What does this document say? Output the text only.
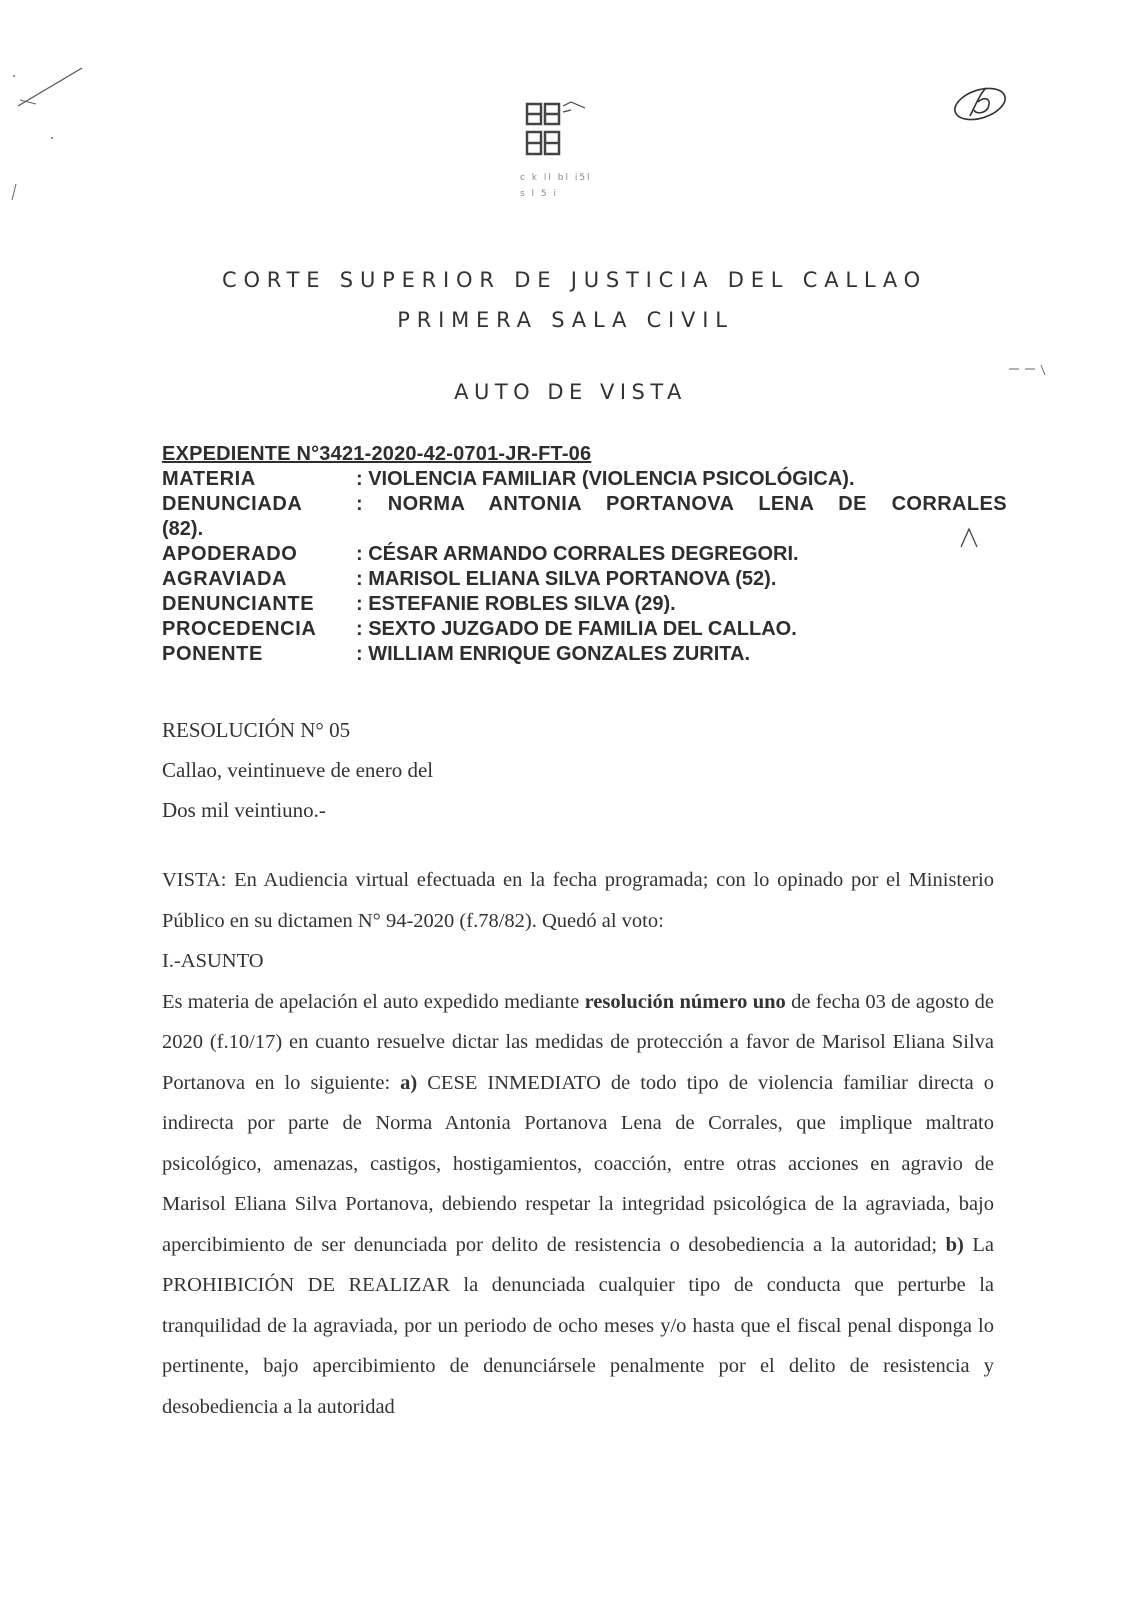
c k ll bl i5l
s l 5 i
CORTE SUPERIOR DE JUSTICIA DEL CALLAO
PRIMERA SALA CIVIL
AUTO DE VISTA
EXPEDIENTE N°3421-2020-42-0701-JR-FT-06
MATERIA	: VIOLENCIA FAMILIAR (VIOLENCIA PSICOLÓGICA).
DENUNCIADA	: NORMA ANTONIA PORTANOVA LENA DE CORRALES
(82).
APODERADO	: CÉSAR ARMANDO CORRALES DEGREGORI.
AGRAVIADA	: MARISOL ELIANA SILVA PORTANOVA (52).
DENUNCIANTE	: ESTEFANIE ROBLES SILVA (29).
PROCEDENCIA	: SEXTO JUZGADO DE FAMILIA DEL CALLAO.
PONENTE	: WILLIAM ENRIQUE GONZALES ZURITA.
RESOLUCIÓN N° 05
Callao, veintinueve de enero del
Dos mil veintiuno.-

VISTA: En Audiencia virtual efectuada en la fecha programada; con lo opinado por el Ministerio Público en su dictamen N° 94-2020 (f.78/82). Quedó al voto:

I.-ASUNTO

Es materia de apelación el auto expedido mediante resolución número uno de fecha 03 de agosto de 2020 (f.10/17) en cuanto resuelve dictar las medidas de protección a favor de Marisol Eliana Silva Portanova en lo siguiente: a) CESE INMEDIATO de todo tipo de violencia familiar directa o indirecta por parte de Norma Antonia Portanova Lena de Corrales, que implique maltrato psicológico, amenazas, castigos, hostigamientos, coacción, entre otras acciones en agravio de Marisol Eliana Silva Portanova, debiendo respetar la integridad psicológica de la agraviada, bajo apercibimiento de ser denunciada por delito de resistencia o desobediencia a la autoridad; b) La PROHIBICIÓN DE REALIZAR la denunciada cualquier tipo de conducta que perturbe la tranquilidad de la agraviada, por un periodo de ocho meses y/o hasta que el fiscal penal disponga lo pertinente, bajo apercibimiento de denunciársele penalmente por el delito de resistencia y desobediencia a la autoridad
